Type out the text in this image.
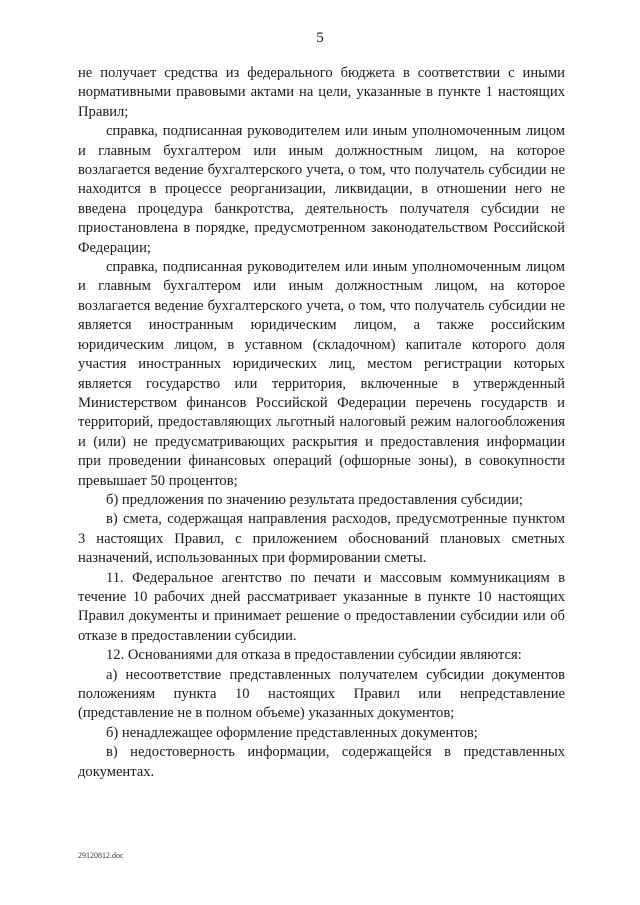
5

не получает средства из федерального бюджета в соответствии с иными нормативными правовыми актами на цели, указанные в пункте 1 настоящих Правил;

справка, подписанная руководителем или иным уполномоченным лицом и главным бухгалтером или иным должностным лицом, на которое возлагается ведение бухгалтерского учета, о том, что получатель субсидии не находится в процессе реорганизации, ликвидации, в отношении него не введена процедура банкротства, деятельность получателя субсидии не приостановлена в порядке, предусмотренном законодательством Российской Федерации;

справка, подписанная руководителем или иным уполномоченным лицом и главным бухгалтером или иным должностным лицом, на которое возлагается ведение бухгалтерского учета, о том, что получатель субсидии не является иностранным юридическим лицом, а также российским юридическим лицом, в уставном (складочном) капитале которого доля участия иностранных юридических лиц, местом регистрации которых является государство или территория, включенные в утвержденный Министерством финансов Российской Федерации перечень государств и территорий, предоставляющих льготный налоговый режим налогообложения и (или) не предусматривающих раскрытия и предоставления информации при проведении финансовых операций (офшорные зоны), в совокупности превышает 50 процентов;

б) предложения по значению результата предоставления субсидии;

в) смета, содержащая направления расходов, предусмотренные пунктом 3 настоящих Правил, с приложением обоснований плановых сметных назначений, использованных при формировании сметы.

11. Федеральное агентство по печати и массовым коммуникациям в течение 10 рабочих дней рассматривает указанные в пункте 10 настоящих Правил документы и принимает решение о предоставлении субсидии или об отказе в предоставлении субсидии.

12. Основаниями для отказа в предоставлении субсидии являются:

а) несоответствие представленных получателем субсидии документов положениям пункта 10 настоящих Правил или непредставление (представление не в полном объеме) указанных документов;

б) ненадлежащее оформление представленных документов;

в) недостоверность информации, содержащейся в представленных документах.

29120812.doc
